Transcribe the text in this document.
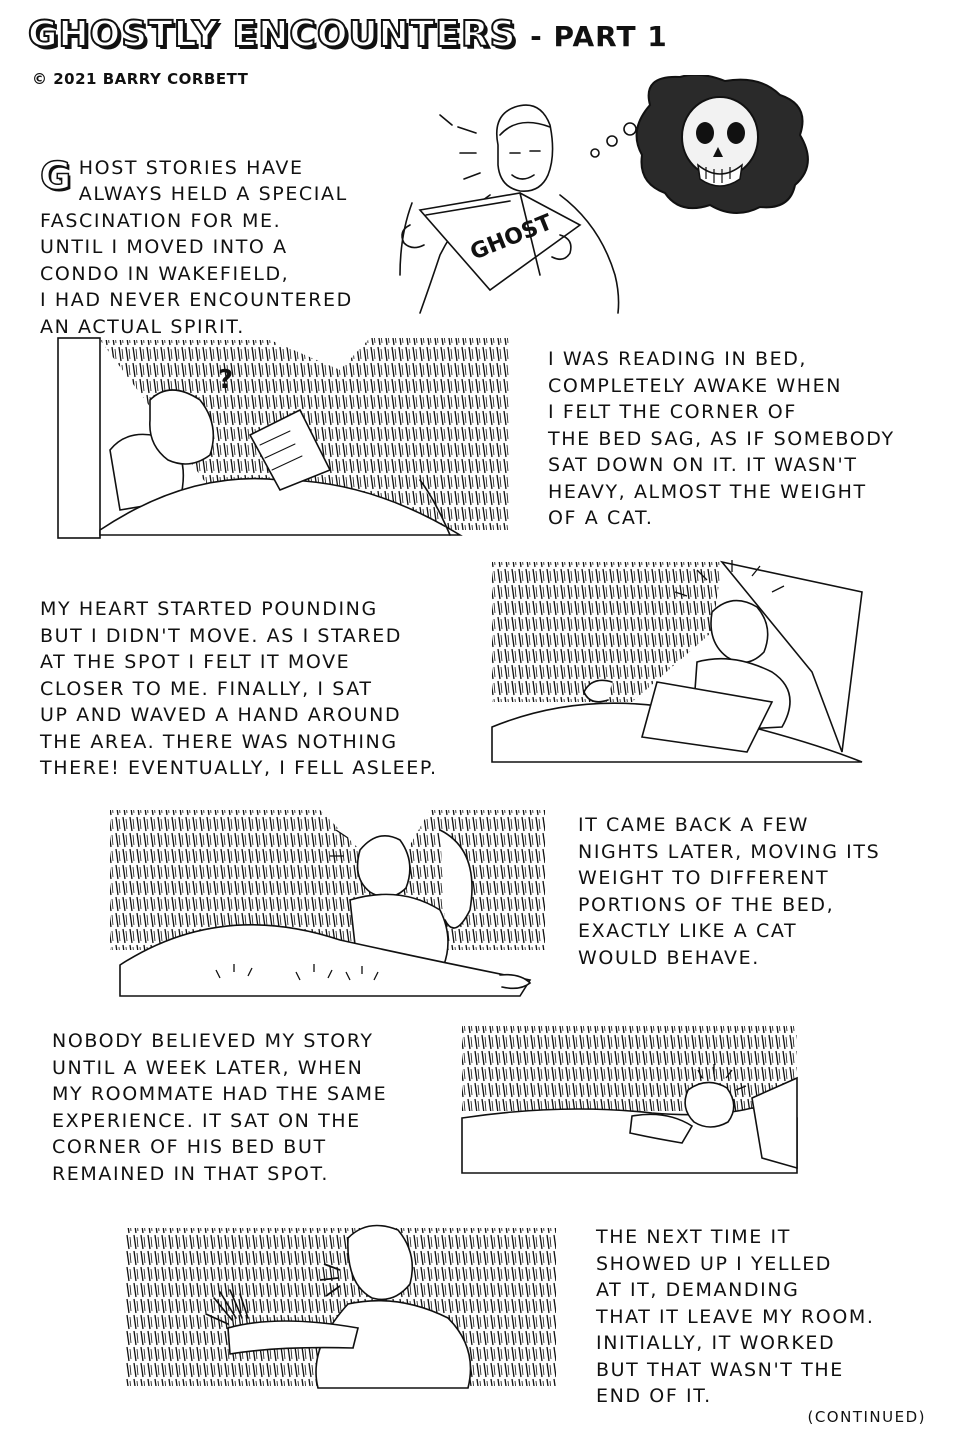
GHOSTLY ENCOUNTERS - PART 1
© 2021 BARRY CORBETT

GHOST STORIES HAVE
ALWAYS HELD A SPECIAL
FASCINATION FOR ME.
UNTIL I MOVED INTO A
CONDO IN WAKEFIELD,
I HAD NEVER ENCOUNTERED
AN ACTUAL SPIRIT.

GHOST
?
I WAS READING IN BED,
COMPLETELY AWAKE WHEN
I FELT THE CORNER OF
THE BED SAG, AS IF SOMEBODY
SAT DOWN ON IT. IT WASN'T
HEAVY, ALMOST THE WEIGHT
OF A CAT.
MY HEART STARTED POUNDING
BUT I DIDN'T MOVE. AS I STARED
AT THE SPOT I FELT IT MOVE
CLOSER TO ME. FINALLY, I SAT
UP AND WAVED A HAND AROUND
THE AREA. THERE WAS NOTHING
THERE! EVENTUALLY, I FELL ASLEEP.
IT CAME BACK A FEW
NIGHTS LATER, MOVING ITS
WEIGHT TO DIFFERENT
PORTIONS OF THE BED,
EXACTLY LIKE A CAT
WOULD BEHAVE.
NOBODY BELIEVED MY STORY
UNTIL A WEEK LATER, WHEN
MY ROOMMATE HAD THE SAME
EXPERIENCE. IT SAT ON THE
CORNER OF HIS BED BUT
REMAINED IN THAT SPOT.
THE NEXT TIME IT
SHOWED UP I YELLED
AT IT, DEMANDING
THAT IT LEAVE MY ROOM.
INITIALLY, IT WORKED
BUT THAT WASN'T THE
END OF IT.
(CONTINUED)
